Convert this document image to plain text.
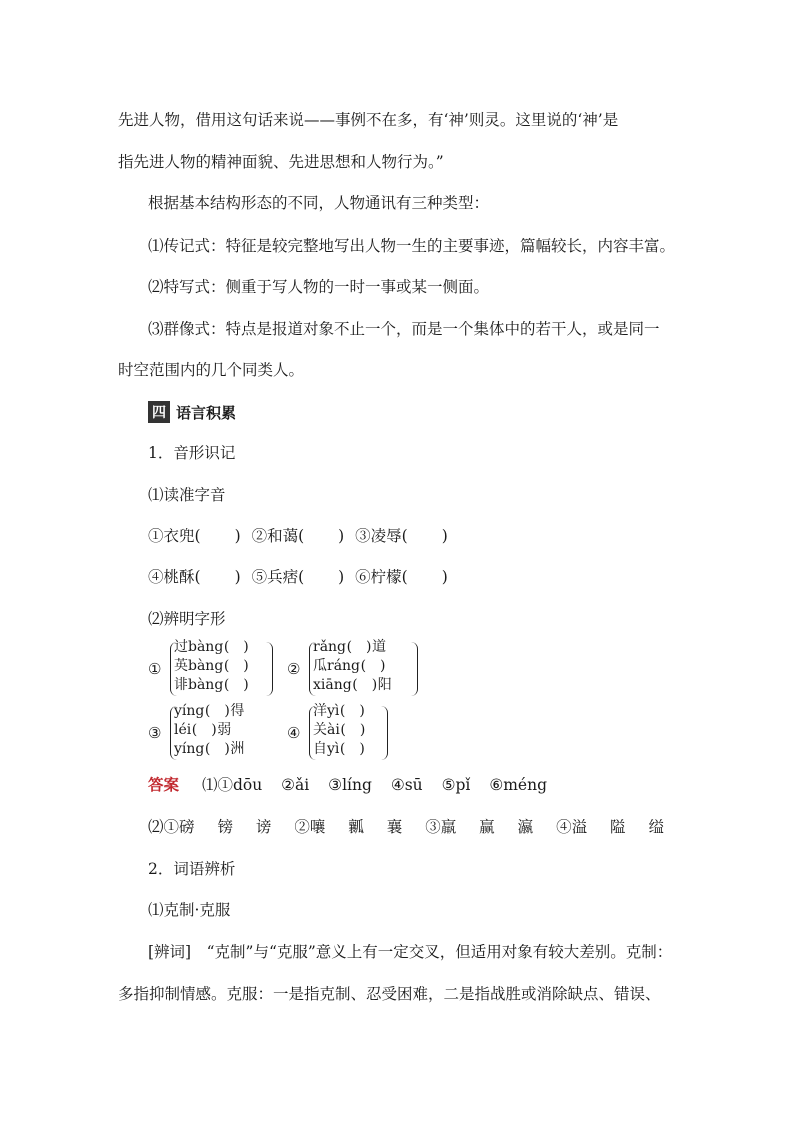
先进人物，借用这句话来说——事例不在多，有‘神’则灵。这里说的‘神’是
指先进人物的精神面貌、先进思想和人物行为。”
根据基本结构形态的不同，人物通讯有三种类型：
⑴传记式：特征是较完整地写出人物一生的主要事迹，篇幅较长，内容丰富。
⑵特写式：侧重于写人物的一时一事或某一侧面。
⑶群像式：特点是报道对象不止一个，而是一个集体中的若干人，或是同一
时空范围内的几个同类人。
四 语言积累
1．音形识记
⑴读准字音
①衣兜( ) ②和蔼( ) ③凌辱( )
④桃酥( ) ⑤兵痞( ) ⑥柠檬( )
⑵辨明字形
①
过bàng(　)
英bàng(　)
诽bàng(　)
②
rǎng(　)道
瓜ráng(　)
xiāng(　)阳
③
yíng(　)得
léi(　)弱
yíng(　)洲
④
洋yì(　)
关ài(　)
自yì(　)
答案 ⑴①dōu ②ǎi ③líng ④sū ⑤pǐ ⑥méng
⑵①磅 镑 谤 ②嚷 瓤 襄 ③羸 赢 瀛 ④溢 隘 缢
2．词语辨析
⑴克制·克服
[辨词]　“克制”与“克服”意义上有一定交叉，但适用对象有较大差别。克制：
多指抑制情感。克服：一是指克制、忍受困难，二是指战胜或消除缺点、错误、
